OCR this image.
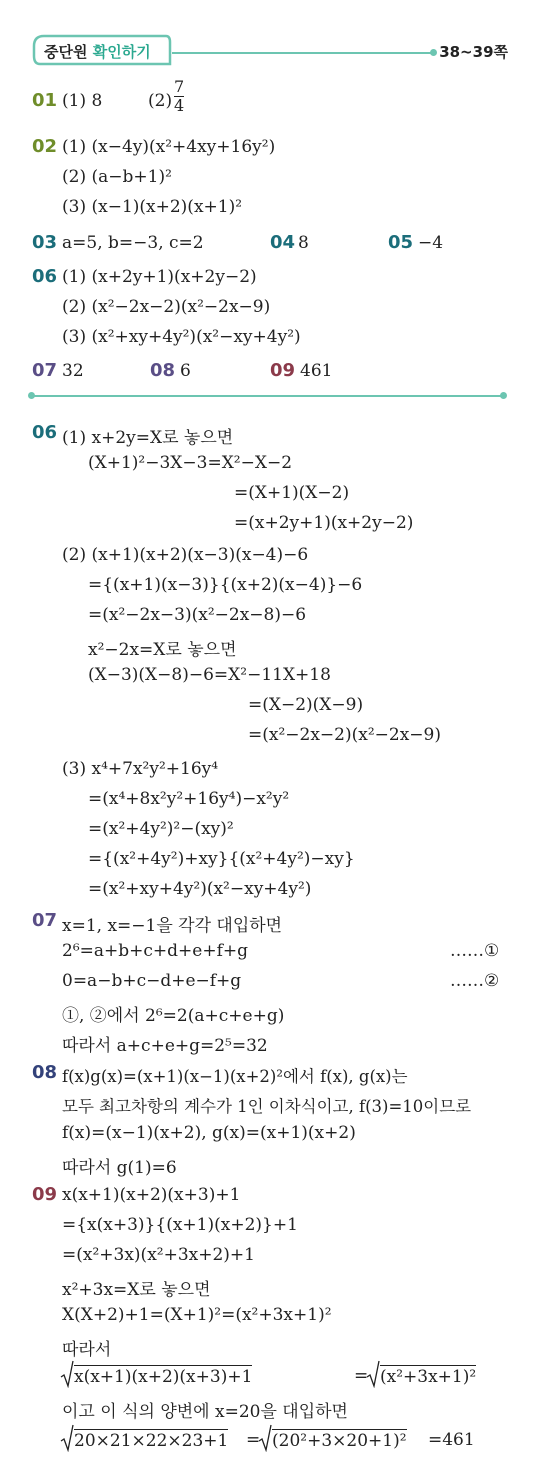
중단원 확인하기	38~39쪽
01 (1) 8	$(2) \frac{7}{4}$
02 (1) (x−4y)(x²+4xy+16y²)
(2) (a−b+1)²
(3) (x−1)(x+2)(x+1)²
03 a=5, b=−3, c=2	04 8	05 −4
06 (1) (x+2y+1)(x+2y−2)
(2) (x²−2x−2)(x²−2x−9)
(3) (x²+xy+4y²)(x²−xy+4y²)
07 32	08 6	09 461
06 (1) x+2y=X로 놓으면
(X+1)²−3X−3=X²−X−2
=(X+1)(X−2)
=(x+2y+1)(x+2y−2)
(2) (x+1)(x+2)(x−3)(x−4)−6
={(x+1)(x−3)}{(x+2)(x−4)}−6
=(x²−2x−3)(x²−2x−8)−6
x²−2x=X로 놓으면
(X−3)(X−8)−6=X²−11X+18
=(X−2)(X−9)
=(x²−2x−2)(x²−2x−9)
(3) x⁴+7x²y²+16y⁴
=(x⁴+8x²y²+16y⁴)−x²y²
=(x²+4y²)²−(xy)²
={(x²+4y²)+xy}{(x²+4y²)−xy}
=(x²+xy+4y²)(x²−xy+4y²)
07 x=1, x=−1을 각각 대입하면
2⁶=a+b+c+d+e+f+g	……①
0=a−b+c−d+e−f+g	……②
①, ②에서 2⁶=2(a+c+e+g)
따라서 a+c+e+g=2⁵=32
08 f(x)g(x)=(x+1)(x−1)(x+2)²에서 f(x), g(x)는
모두 최고차항의 계수가 1인 이차식이고, f(3)=10이므로
f(x)=(x−1)(x+2), g(x)=(x+1)(x+2)
따라서 g(1)=6
09 x(x+1)(x+2)(x+3)+1
={x(x+3)}{(x+1)(x+2)}+1
=(x²+3x)(x²+3x+2)+1
x²+3x=X로 놓으면
X(X+2)+1=(X+1)²=(x²+3x+1)²
따라서
x(x+1)(x+2)(x+3)+1	= (x²+3x+1)²
이고 이 식의 양변에 x=20을 대입하면
20×21×22×23+1 = (20²+3×20+1)² =461
